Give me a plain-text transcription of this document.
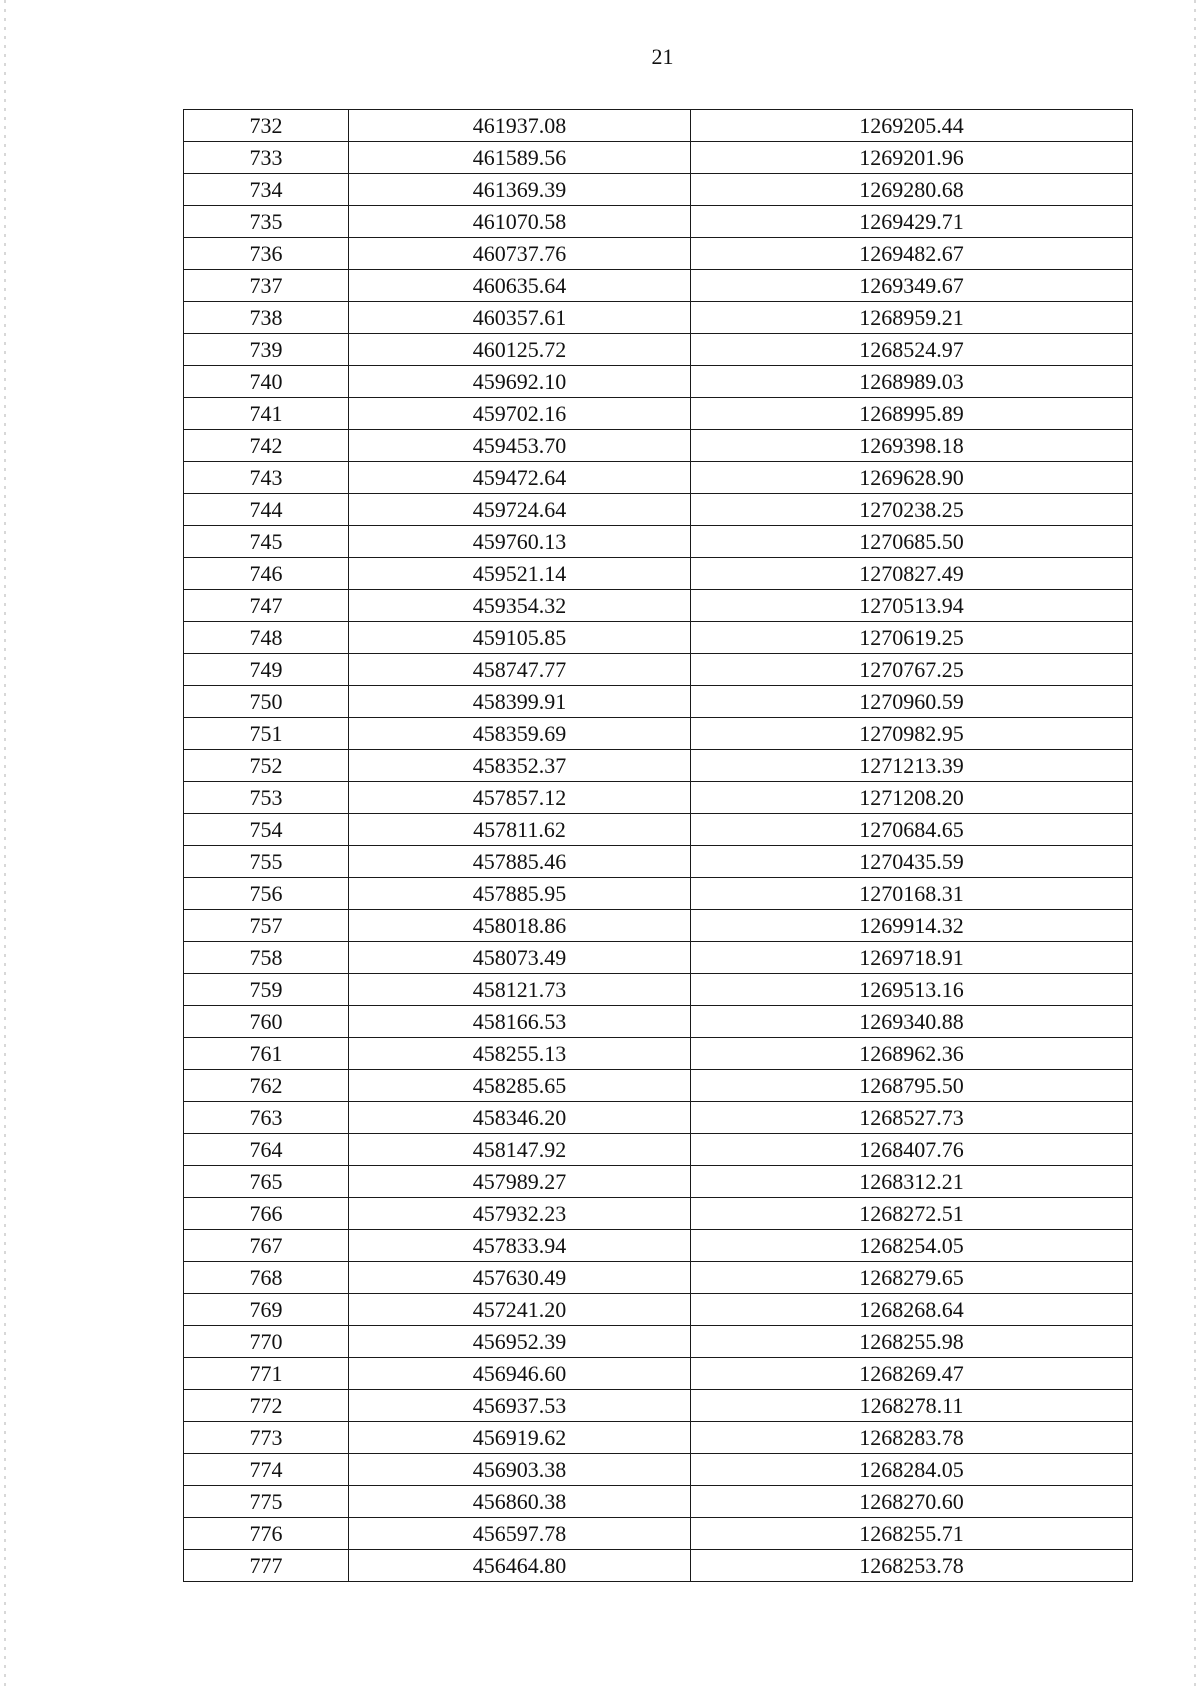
21
732	461937.08	1269205.44
733	461589.56	1269201.96
734	461369.39	1269280.68
735	461070.58	1269429.71
736	460737.76	1269482.67
737	460635.64	1269349.67
738	460357.61	1268959.21
739	460125.72	1268524.97
740	459692.10	1268989.03
741	459702.16	1268995.89
742	459453.70	1269398.18
743	459472.64	1269628.90
744	459724.64	1270238.25
745	459760.13	1270685.50
746	459521.14	1270827.49
747	459354.32	1270513.94
748	459105.85	1270619.25
749	458747.77	1270767.25
750	458399.91	1270960.59
751	458359.69	1270982.95
752	458352.37	1271213.39
753	457857.12	1271208.20
754	457811.62	1270684.65
755	457885.46	1270435.59
756	457885.95	1270168.31
757	458018.86	1269914.32
758	458073.49	1269718.91
759	458121.73	1269513.16
760	458166.53	1269340.88
761	458255.13	1268962.36
762	458285.65	1268795.50
763	458346.20	1268527.73
764	458147.92	1268407.76
765	457989.27	1268312.21
766	457932.23	1268272.51
767	457833.94	1268254.05
768	457630.49	1268279.65
769	457241.20	1268268.64
770	456952.39	1268255.98
771	456946.60	1268269.47
772	456937.53	1268278.11
773	456919.62	1268283.78
774	456903.38	1268284.05
775	456860.38	1268270.60
776	456597.78	1268255.71
777	456464.80	1268253.78
